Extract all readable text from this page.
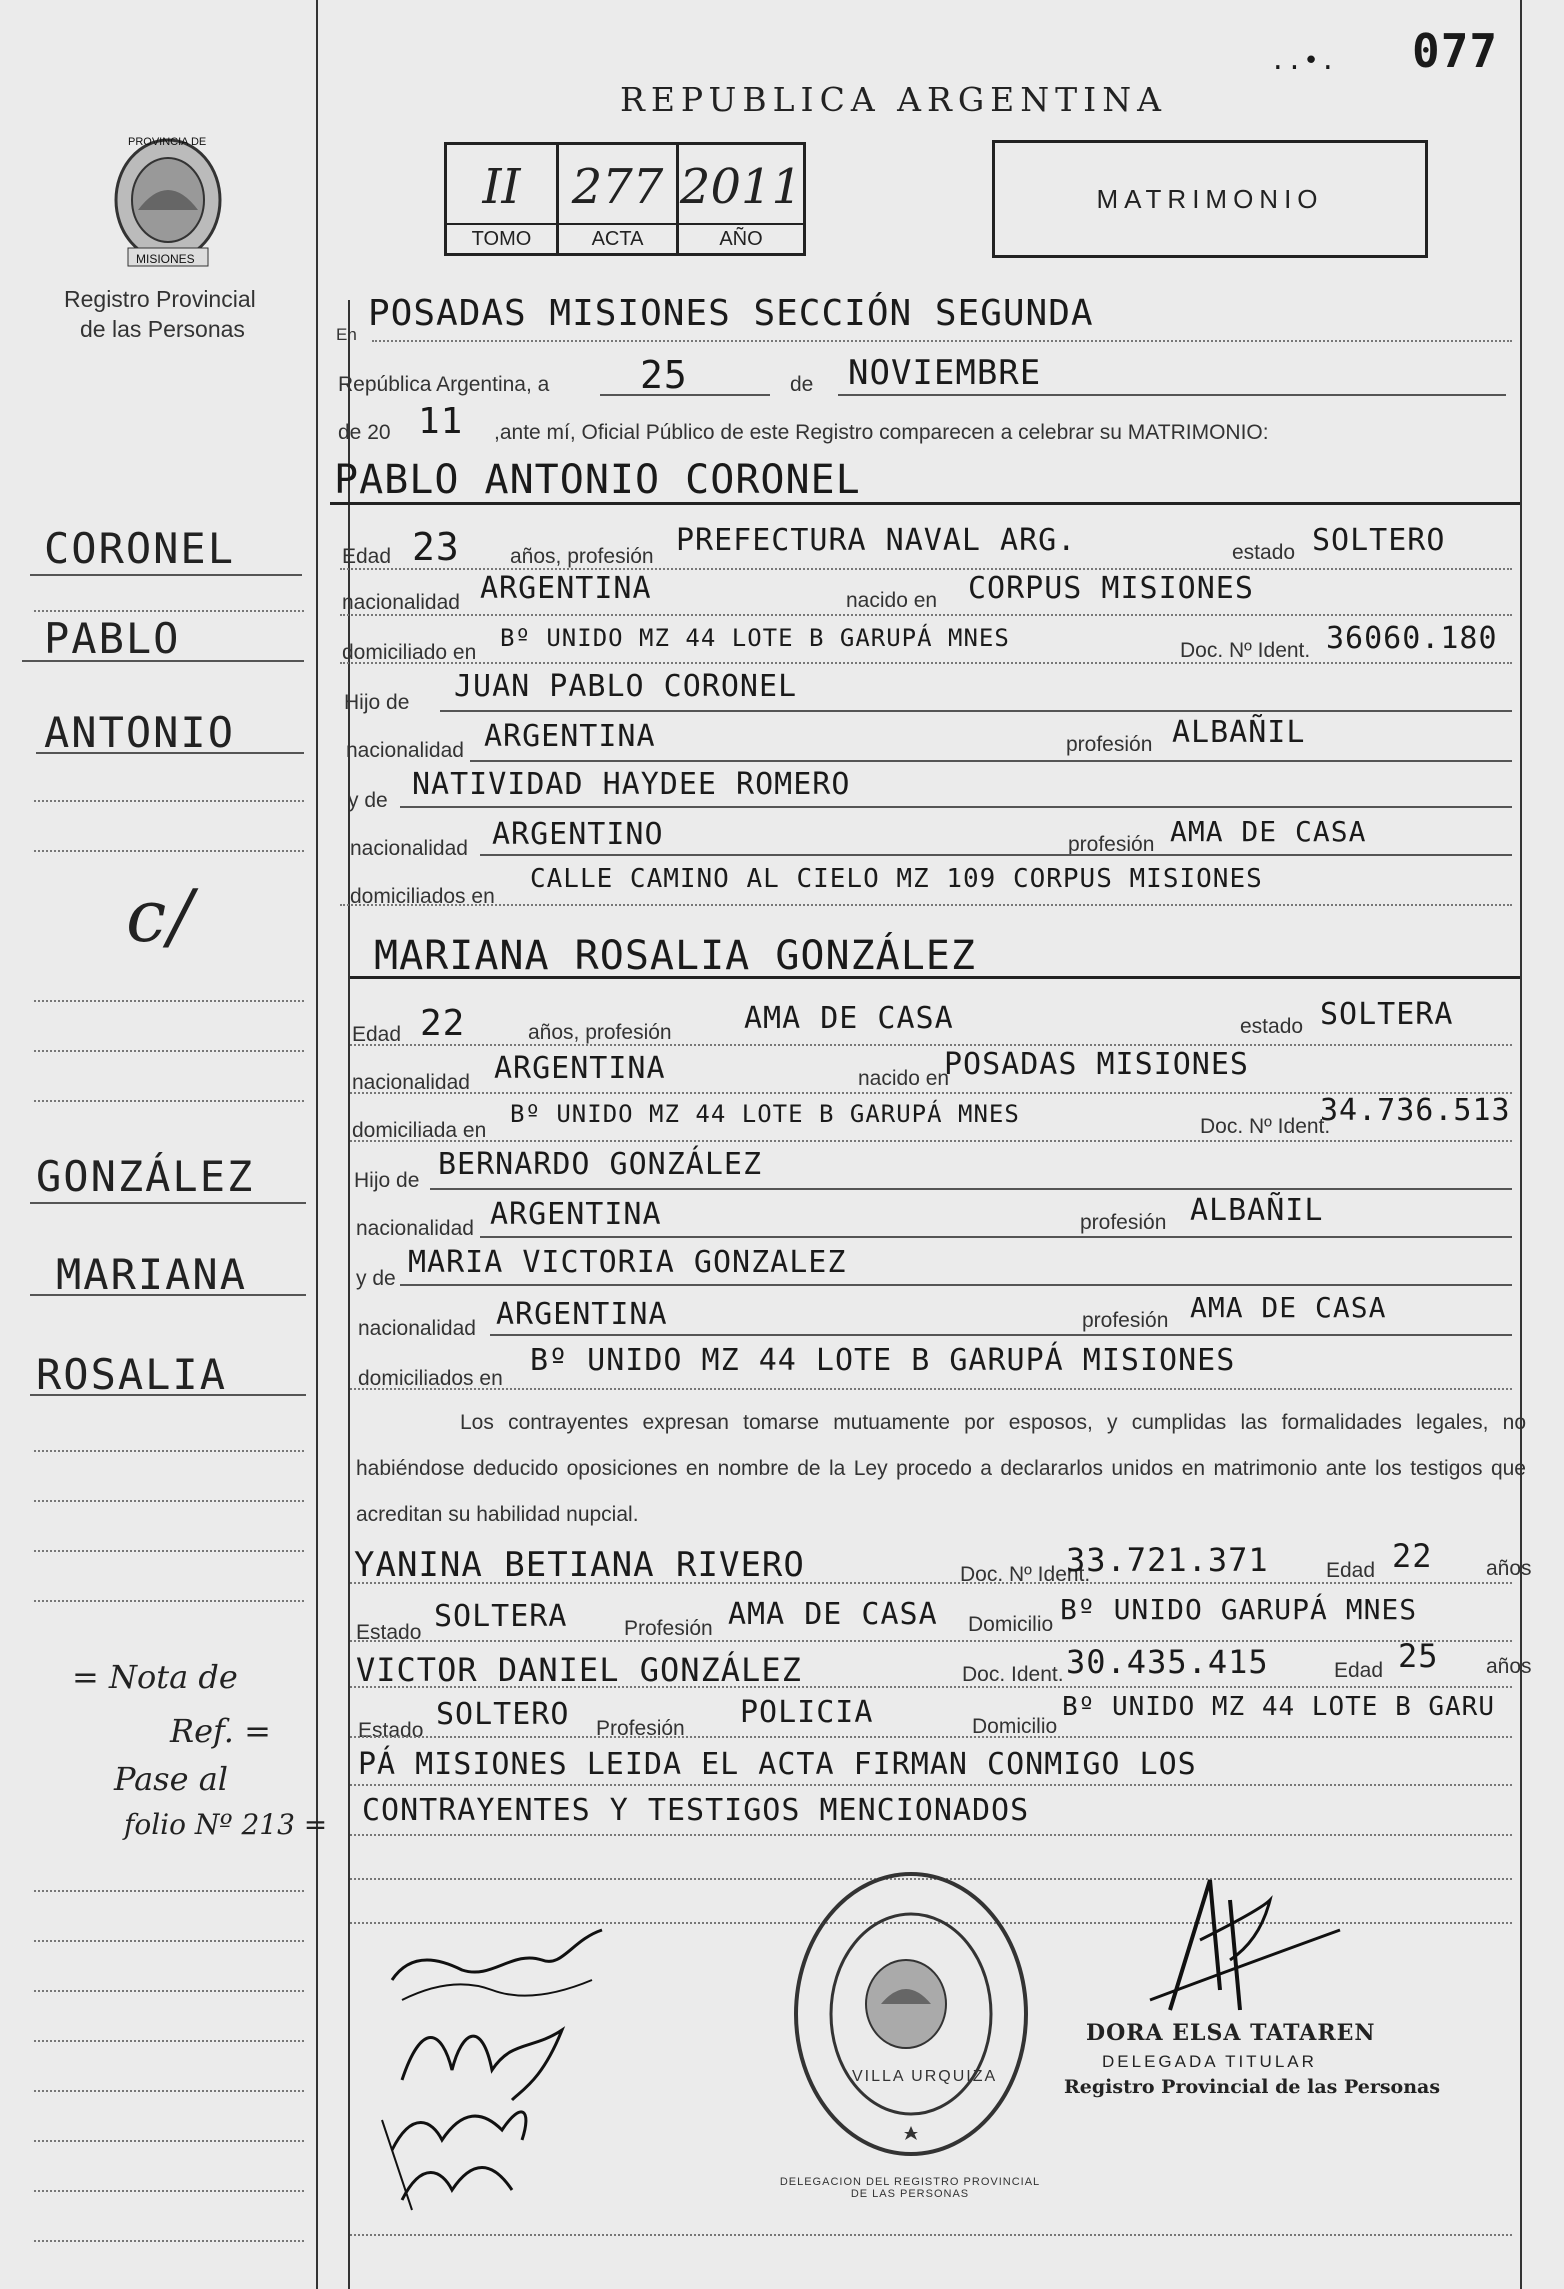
..•. 077
REPUBLICA ARGENTINA
PROVINCIA DE
MISIONES
Registro Provincial
de las Personas
II
TOMO
277
ACTA
2011
AÑO
MATRIMONIO
En
POSADAS MISIONES SECCIÓN SEGUNDA
República Argentina, a 25	de NOVIEMBRE
de 20 11 ,ante mí, Oficial Público de este Registro comparecen a celebrar su MATRIMONIO:
PABLO ANTONIO CORONEL
Edad 23 años, profesión PREFECTURA NAVAL ARG.	estado SOLTERO
nacionalidad ARGENTINA	nacido en CORPUS MISIONES
domiciliado en
Bº UNIDO MZ 44 LOTE B GARUPÁ MNES	Doc. Nº Ident. 36060.180
Hijo de JUAN PABLO CORONEL
nacionalidad ARGENTINA	profesión ALBAÑIL
y de NATIVIDAD HAYDEE ROMERO
nacionalidad ARGENTINO	profesión AMA DE CASA
domiciliados en
CALLE CAMINO AL CIELO MZ 109 CORPUS MISIONES
MARIANA ROSALIA GONZÁLEZ
Edad 22	años, profesión AMA DE CASA	estado SOLTERA
nacionalidad ARGENTINA	nacido en
POSADAS MISIONES
domiciliada en
Bº UNIDO MZ 44 LOTE B GARUPÁ MNES	Doc. Nº Ident.
34.736.513
Hijo de BERNARDO GONZÁLEZ
nacionalidad ARGENTINA	profesión ALBAÑIL
y de MARIA VICTORIA GONZALEZ
nacionalidad ARGENTINA	profesión AMA DE CASA
domiciliados en
Bº UNIDO MZ 44 LOTE B GARUPÁ MISIONES
Los contrayentes expresan tomarse mutuamente por esposos, y cumplidas las formalidades legales, no habiéndose deducido oposiciones en nombre de la Ley procedo a declararlos unidos en matrimonio ante los testigos que acreditan su habilidad nupcial.
YANINA BETIANA RIVERO	Doc. Nº Ident.
33.721.371	Edad 22	años
Estado SOLTERA	Profesión AMA DE CASA Domicilio Bº UNIDO GARUPÁ MNES
VICTOR DANIEL GONZÁLEZ	Doc. Ident. 30.435.415	Edad 25 años
Estado SOLTERO Profesión POLICIA	Domicilio
Bº UNIDO MZ 44 LOTE B GARU
PÁ MISIONES LEIDA EL ACTA FIRMAN CONMIGO LOS
CONTRAYENTES Y TESTIGOS MENCIONADOS
CORONEL
PABLO
ANTONIO
c/
GONZÁLEZ
MARIANA
ROSALIA
= Nota de
Ref. =
Pase al
folio Nº 213 =
DELEGACION DEL REGISTRO PROVINCIAL DE LAS PERSONAS
VILLA URQUIZA
DORA ELSA TATAREN
DELEGADA TITULAR
Registro Provincial de las Personas
